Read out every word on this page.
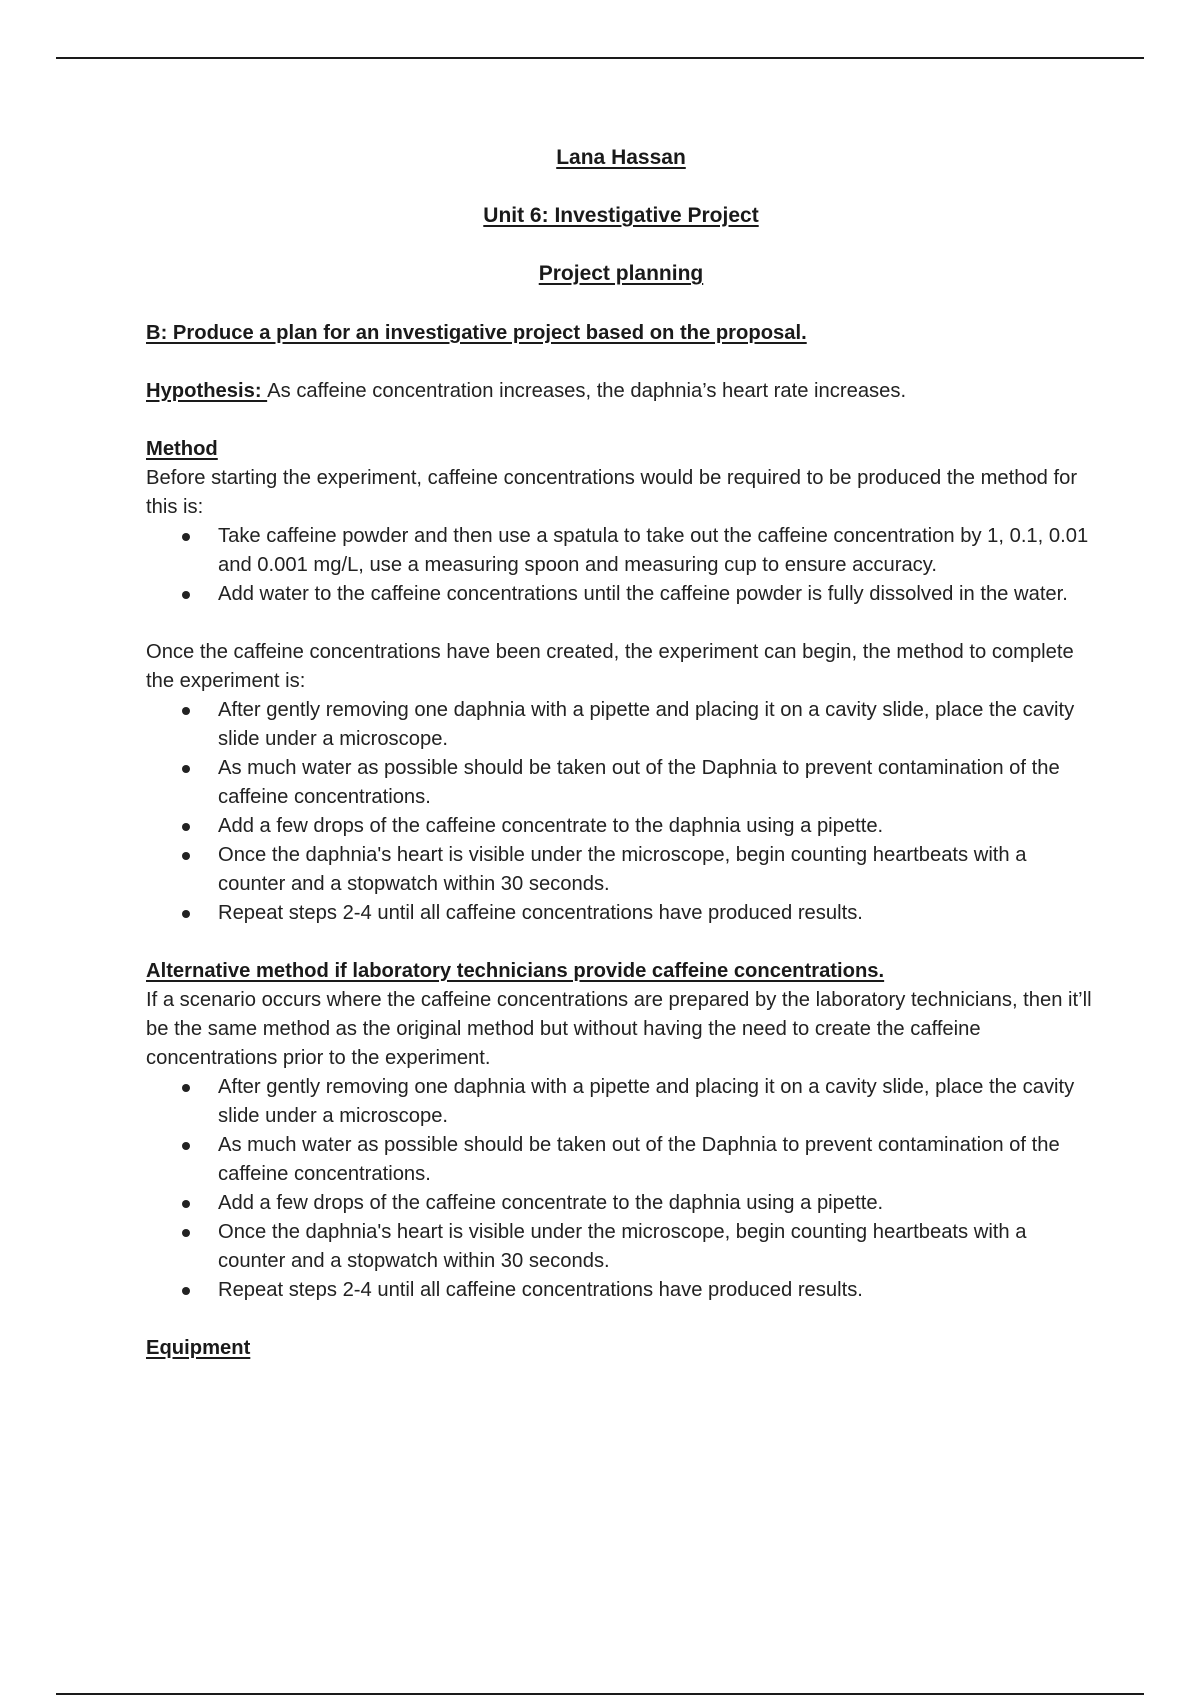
Lana Hassan

Unit 6: Investigative Project

Project planning

B: Produce a plan for an investigative project based on the proposal.

Hypothesis: As caffeine concentration increases, the daphnia’s heart rate increases.

Method

Before starting the experiment, caffeine concentrations would be required to be produced the method for this is:

Take caffeine powder and then use a spatula to take out the caffeine concentration by 1, 0.1, 0.01 and 0.001 mg/L, use a measuring spoon and measuring cup to ensure accuracy.
Add water to the caffeine concentrations until the caffeine powder is fully dissolved in the water.

Once the caffeine concentrations have been created, the experiment can begin, the method to complete the experiment is:

After gently removing one daphnia with a pipette and placing it on a cavity slide, place the cavity slide under a microscope.
As much water as possible should be taken out of the Daphnia to prevent contamination of the caffeine concentrations.
Add a few drops of the caffeine concentrate to the daphnia using a pipette.
Once the daphnia's heart is visible under the microscope, begin counting heartbeats with a counter and a stopwatch within 30 seconds.
Repeat steps 2-4 until all caffeine concentrations have produced results.

Alternative method if laboratory technicians provide caffeine concentrations.

If a scenario occurs where the caffeine concentrations are prepared by the laboratory technicians, then it’ll be the same method as the original method but without having the need to create the caffeine concentrations prior to the experiment.

After gently removing one daphnia with a pipette and placing it on a cavity slide, place the cavity slide under a microscope.
As much water as possible should be taken out of the Daphnia to prevent contamination of the caffeine concentrations.
Add a few drops of the caffeine concentrate to the daphnia using a pipette.
Once the daphnia's heart is visible under the microscope, begin counting heartbeats with a counter and a stopwatch within 30 seconds.
Repeat steps 2-4 until all caffeine concentrations have produced results.

Equipment
